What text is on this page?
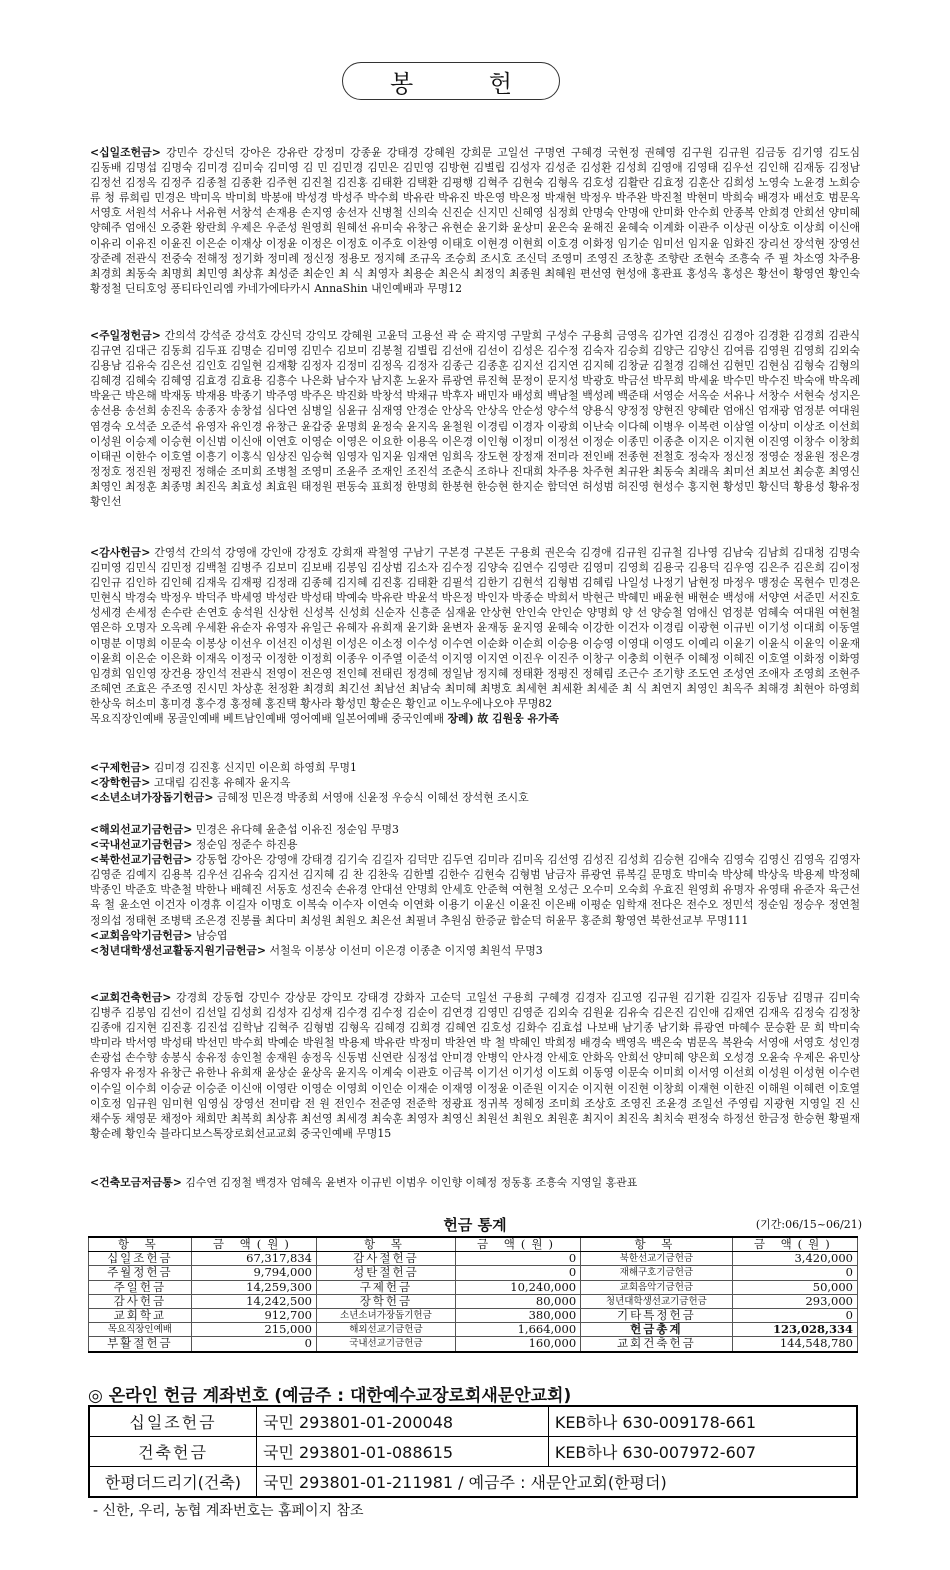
봉 헌
<십일조헌금> 강민수 강신덕 강아은 강유란 강정미 강종윤 강태경 강혜원 강희문 고일선 구명연 구혜경 국현정 권혜영 김구원 김규원 김금동 김기영 김도심 김동배 김명섭 김명숙 김미경 김미숙 김미영 김 민 김민경 김민은 김민영 김방현 김별립 김성자 김성준 김성환 김성희 김영애 김영태 김우선 김인해 김재동 김정남 김정선 김정옥 김정주 김종철 김종환 김주현 김진철 김진홍 김태환 김택환 김평행 김혁주 김현숙 김형옥 김호성 김활란 김효정 김훈산 김희성 노영숙 노윤경 노희승 류 청 류희림 민경은 박미옥 박미희 박봉애 박성경 박성주 박수희 박유란 박유진 박은영 박은정 박재현 박정우 박주완 박진철 박현미 박희숙 배경자 배선호 범문옥 서영호 서원석 서유나 서유현 서창석 손재용 손지영 송선자 신병철 신의숙 신진순 신지민 신혜영 심정희 안명숙 안명애 안미화 안수희 안종복 안희경 안희선 양미혜 양혜주 엄애신 오중환 왕란희 우제은 우준성 원영희 원혜선 유미숙 유창근 유현순 윤기화 윤상미 윤은숙 윤해진 윤혜숙 이계화 이관주 이상권 이상호 이상희 이신애 이유리 이유진 이윤진 이은순 이재상 이정윤 이정은 이정호 이주호 이찬영 이태호 이현경 이현희 이호경 이화정 임기순 임미선 임지윤 임화진 장리선 장석현 장영선 장준례 전관식 전중숙 전해정 정기화 정미례 정신정 정용모 정지혜 조규옥 조승희 조시호 조신덕 조영미 조영진 조창훈 조향란 조현숙 조흥숙 주 필 차소영 차주용 최경희 최동숙 최명희 최민영 최상휴 최성준 최순인 최 식 최영자 최용순 최은식 최정익 최종원 최혜원 편선영 현성애 홍관표 홍성옥 홍성은 황선이 황영연 황인숙 황정철 딘티호엉 퐁티타인리엠 카네가에타카시 AnnaShin 내인예배과 무명12
<주일정헌금> 간의석 강석준 강석호 강신덕 강익모 강혜원 고윤덕 고용선 곽 순 곽지영 구말희 구성수 구용희 금영옥 김가연 김경신 김경아 김경환 김경희 김관식 김규연 김대근 김동희 김두표 김명순 김미영 김민수 김보미 김봉철 김별립 김선애 김선이 김성은 김수정 김숙자 김승희 김양근 김양신 김여름 김영원 김영희 김외숙 김용남 김유숙 김은선 김인호 김일현 김재황 김정자 김정미 김정옥 김정자 김종근 김종훈 김지선 김지연 김지혜 김창균 김철경 김해선 김현민 김현심 김형숙 김형의 김혜경 김혜숙 김혜영 김효경 김효용 김흥수 나은화 남수자 남지훈 노윤자 류광연 류진혁 문정이 문지성 박광호 박금선 박무희 박세윤 박수민 박수진 박숙애 박옥례 박윤근 박은해 박재동 박재용 박종기 박주영 박주은 박진화 박창석 박채규 박후자 배민자 배성희 백남철 백성례 백준태 서영순 서옥순 서유나 서창수 서현숙 성지은 송선용 송선희 송진옥 송종자 송창섭 심다연 심병일 심윤규 심재영 안경순 안상옥 안상옥 안순성 양수석 양용식 양정정 양현진 양혜란 엄애신 엄재광 엄정분 여대원 염경숙 오석준 오준석 유영자 유인경 유창근 윤갑중 윤명희 윤정숙 윤지옥 윤철원 이경림 이경자 이광희 이난숙 이다혜 이병우 이복련 이삼열 이상미 이상조 이선희 이성원 이승제 이승현 이신범 이신애 이연호 이영순 이영은 이요한 이용옥 이은경 이인형 이정미 이정선 이정순 이종민 이종춘 이지은 이지현 이진영 이창수 이창희 이태권 이한수 이호열 이흥기 이홍식 임상진 임승혁 임영자 임지윤 임재연 임희옥 장도현 장정재 전미라 전인배 전종현 전철호 정숙자 정신정 정영순 정윤원 정은경 정정호 정진원 정평진 정해순 조미희 조병철 조영미 조윤주 조재인 조진석 조춘식 조하나 진대희 차주용 차주현 최규완 최동숙 최래옥 최미선 최보선 최승훈 최영신 최영인 최정훈 최종명 최진옥 최효성 최효원 태정원 편동숙 표희정 한명희 한봉현 한승현 한지순 함덕연 허성범 허진영 현성수 홍지현 황성민 황신덕 황용성 황유정 황인선
<감사헌금> 간영석 간의석 강영애 강인애 강정호 강희재 곽철영 구남기 구본경 구본돈 구용희 권은숙 김경애 김규원 김규철 김나영 김남숙 김남희 김대청 김명숙 김미영 김민식 김민정 김백철 김병주 김보미 김보배 김봉임 김상범 김소자 김수정 김양숙 김연수 김영란 김영미 김영희 김용국 김용덕 김우영 김은주 김은희 김이정 김인규 김인하 김인혜 김재욱 김재평 김정래 김종혜 김지혜 김진홍 김태환 김필석 김한기 김현석 김형범 김혜림 나일성 나정기 남현정 마정우 맹정순 목현수 민경은 민현식 박경숙 박정우 박덕주 박세영 박성란 박성태 박예숙 박유란 박윤석 박은정 박인자 박종순 박희서 박현근 박혜민 배윤현 배현순 백성애 서양연 서준민 서진호 성세경 손세정 손수란 손연호 송석원 신상헌 신성복 신성희 신순자 신흥준 심재윤 안상현 안인숙 안인순 양명희 양 선 양승철 엄애신 엄정분 엄혜숙 여대원 여현철 염은하 오명자 오옥례 우세환 유순자 유영자 유일근 유혜자 유희재 윤기화 윤변자 윤재동 윤지영 윤혜숙 이강한 이건자 이경림 이광현 이규빈 이기성 이대희 이동열 이명분 이명희 이문숙 이봉상 이선우 이선진 이성원 이성은 이소정 이수성 이수연 이순화 이순희 이승용 이승영 이영대 이영도 이예리 이윤기 이윤식 이윤익 이윤재 이윤희 이은순 이은화 이재옥 이정국 이정한 이정희 이종우 이주열 이준석 이지영 이지연 이진우 이진주 이창구 이충희 이현주 이혜정 이혜진 이호열 이화정 이화영 임경희 임인영 장건용 장인석 전관식 전영이 전은영 전인혜 전태린 정경혜 정일남 정지혜 정태환 정평진 정혜림 조근수 조기향 조도연 조성연 조애자 조영희 조현주 조혜연 조효은 주조영 진시민 차상훈 천정환 최경희 최긴선 최남선 최남숙 최미혜 최병호 최세현 최세환 최세준 최 식 최연지 최영인 최옥주 최해경 최현아 하영희 한상욱 허소미 홍미경 홍수경 홍정혜 홍진택 황사라 황성민 황순은 황인교 이노우에나오야 무명82
목요직장인예배 몽골인예배 베트남인예배 영어예배 일본어예배 중국인예배 장례) 故 김원웅 유가족
<구제헌금> 김미경 김진홍 신지민 이은희 하영희 무명1
<장학헌금> 고대림 김진홍 유혜자 윤지옥
<소년소녀가장돕기헌금> 금혜정 민은경 박종희 서영애 신윤정 우승식 이혜선 장석현 조시호
<해외선교기금헌금> 민경은 유다혜 윤춘섭 이유진 정순임 무명3
<국내선교기금헌금> 정순임 정준수 하진용
<북한선교기금헌금> 강동협 강아은 강영애 강태경 김기숙 김길자 김덕만 김두연 김미라 김미옥 김선영 김성진 김성희 김승현 김애숙 김영숙 김영신 김영옥 김영자 김영준 김예지 김용복 김우선 김유숙 김지선 김지혜 김 찬 김찬욱 김한별 김한수 김현숙 김형범 남금자 류광연 류복길 문명호 박미숙 박상혜 박상욱 박용제 박정혜 박종인 박준호 박춘철 박한나 배혜진 서동호 성진숙 손유경 안대선 안명희 안세호 안준혁 여현철 오성근 오수미 오숙희 우효진 원영희 유명자 유영태 유준자 육근선 육 철 윤소연 이건자 이경휴 이길자 이명호 이복숙 이수자 이연숙 이연화 이용기 이윤신 이윤진 이은배 이평순 임학재 전다은 전수오 정민석 정순임 정승우 정연철 정의섭 정태현 조병택 조은경 진봉률 최다미 최성원 최원오 최은선 최필녀 추원심 한증균 함순덕 허윤무 홍준희 황영연 북한선교부 무명111
<교회음악기금헌금> 남승엽
<청년대학생선교활동지원기금헌금> 서철욱 이봉상 이선미 이은경 이종춘 이지영 최원석 무명3
<교회건축헌금> 강경희 강동협 강민수 강상문 강익모 강태경 강화자 고순덕 고일선 구용희 구혜경 김경자 김고영 김규원 김기환 김길자 김동남 김명규 김미숙 김병주 김봉임 김선이 김선일 김성희 김성자 김성재 김수경 김수정 김순이 김연경 김영민 김영준 김외숙 김원윤 김유숙 김은진 김인애 김재연 김재옥 김정숙 김정창 김종애 김지현 김진홍 김진섭 김학남 김혁주 김형범 김형옥 김혜경 김희경 김혜연 김호성 김화수 김효섭 나보배 남기종 남기화 류광연 마혜수 문승환 문 희 박미숙 박미라 박서영 박성태 박선민 박수희 박예순 박원철 박용제 박유란 박정미 박찬연 박 철 박혜인 박희정 배경숙 백영옥 백은숙 범문옥 복완숙 서영애 서영호 성인경 손광섭 손수향 송봉식 송유정 송인철 송재원 송정옥 신동범 신연란 심정섭 안미경 안병익 안사경 안세호 안화옥 안희선 양미혜 양은희 오성경 오윤숙 우제은 유민상 유영자 유정자 유창근 유한나 유희재 윤상순 윤상옥 윤지옥 이계숙 이관호 이금복 이기선 이기성 이도희 이동영 이문숙 이미희 이서영 이선희 이성원 이성현 이수련 이수일 이수희 이승균 이승준 이신애 이영란 이영순 이영희 이인순 이재순 이재영 이정윤 이준원 이지순 이지현 이진현 이창희 이재현 이한진 이해원 이혜련 이호열 이호정 임규원 임미현 임영심 장영선 전미람 전 원 전인수 전준영 전준학 정광표 정귀복 정혜정 조미희 조상호 조영진 조윤경 조일선 주영림 지광현 지영일 진 신 채수동 채영문 채정아 채희만 최복희 최상휴 최선영 최세경 최숙훈 최영자 최영신 최원선 최원오 최원훈 최지이 최진옥 최치숙 편정숙 하정선 한금정 한승현 황필재 황순례 황인숙 블라디보스톡장로회선교교회 중국인예배 무명15
<건축모금저금통> 김수연 김정철 백경자 엄혜옥 윤변자 이규빈 이범우 이인향 이혜정 정동홍 조흥숙 지영일 홍관표
헌금 통계	(기간:06/15~06/21)
항 목	금 액(원)	항 목	금 액(원)	항 목	금 액(원)
십일조헌금	67,317,834	감사절헌금	0	북한선교기금헌금	3,420,000
주월정헌금	9,794,000	성탄절헌금	0	재해구호기금헌금	0
주일헌금	14,259,300	구제헌금	10,240,000	교회음악기금헌금	50,000
감사헌금	14,242,500	장학헌금	80,000	청년대학생선교기금헌금	293,000
교회학교	912,700	소년소녀가장돕기헌금	380,000	기타특정헌금	0
목요직장인예배	215,000	해외선교기금헌금	1,664,000	헌금총계	123,028,334
부활절헌금	0	국내선교기금헌금	160,000	교회건축헌금	144,548,780
◎ 온라인 헌금 계좌번호 (예금주 : 대한예수교장로회새문안교회)
십일조헌금	국민 293801-01-200048	KEB하나 630-009178-661
건축헌금	국민 293801-01-088615	KEB하나 630-007972-607
한평더드리기(건축)	국민 293801-01-211981 / 예금주 : 새문안교회(한평더)	
- 신한, 우리, 농협 계좌번호는 홈페이지 참조
